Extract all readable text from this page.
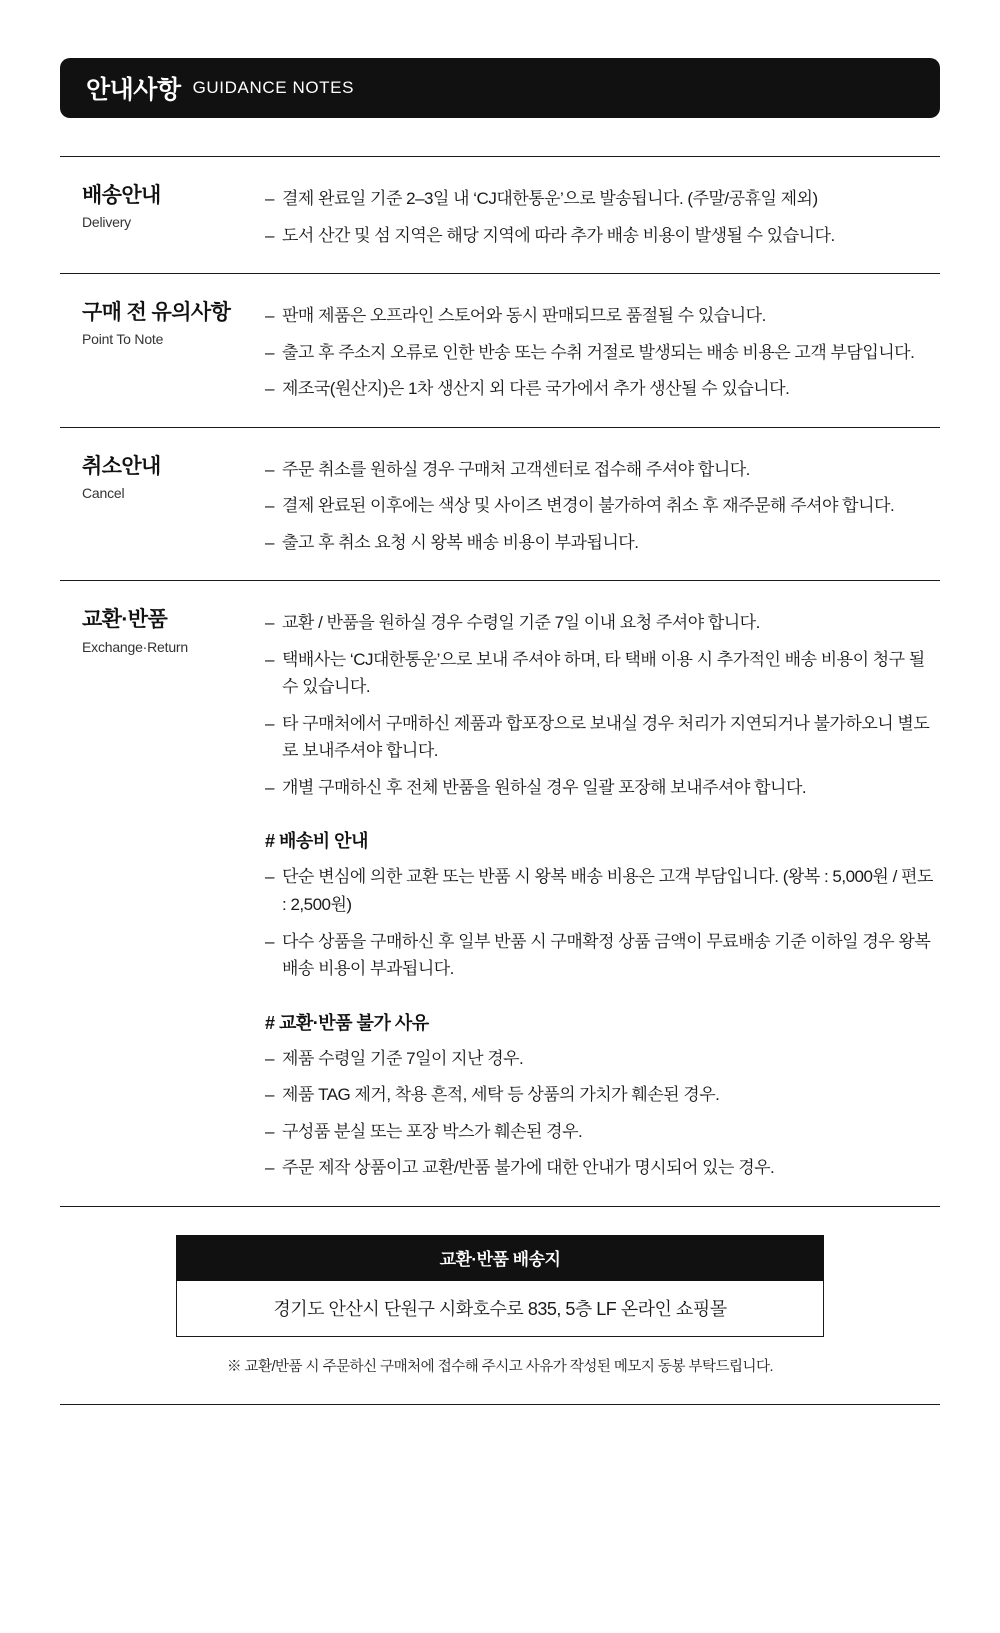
안내사항 GUIDANCE NOTES
배송안내
Delivery
– 결제 완료일 기준 2–3일 내 ‘CJ대한통운’으로 발송됩니다. (주말/공휴일 제외)
– 도서 산간 및 섬 지역은 해당 지역에 따라 추가 배송 비용이 발생될 수 있습니다.
구매 전 유의사항
Point To Note
– 판매 제품은 오프라인 스토어와 동시 판매되므로 품절될 수 있습니다.
– 출고 후 주소지 오류로 인한 반송 또는 수취 거절로 발생되는 배송 비용은 고객 부담입니다.
– 제조국(원산지)은 1차 생산지 외 다른 국가에서 추가 생산될 수 있습니다.
취소안내
Cancel
– 주문 취소를 원하실 경우 구매처 고객센터로 접수해 주셔야 합니다.
– 결제 완료된 이후에는 색상 및 사이즈 변경이 불가하여 취소 후 재주문해 주셔야 합니다.
– 출고 후 취소 요청 시 왕복 배송 비용이 부과됩니다.
교환·반품
Exchange·Return
– 교환 / 반품을 원하실 경우 수령일 기준 7일 이내 요청 주셔야 합니다.
– 택배사는 ‘CJ대한통운’으로 보내 주셔야 하며, 타 택배 이용 시 추가적인 배송 비용이 청구 될 수 있습니다.
– 타 구매처에서 구매하신 제품과 합포장으로 보내실 경우 처리가 지연되거나 불가하오니 별도로 보내주셔야 합니다.
– 개별 구매하신 후 전체 반품을 원하실 경우 일괄 포장해 보내주셔야 합니다.
# 배송비 안내
– 단순 변심에 의한 교환 또는 반품 시 왕복 배송 비용은 고객 부담입니다. (왕복 : 5,000원 / 편도 : 2,500원)
– 다수 상품을 구매하신 후 일부 반품 시 구매확정 상품 금액이 무료배송 기준 이하일 경우 왕복 배송 비용이 부과됩니다.
# 교환·반품 불가 사유
– 제품 수령일 기준 7일이 지난 경우.
– 제품 TAG 제거, 착용 흔적, 세탁 등 상품의 가치가 훼손된 경우.
– 구성품 분실 또는 포장 박스가 훼손된 경우.
– 주문 제작 상품이고 교환/반품 불가에 대한 안내가 명시되어 있는 경우.
교환·반품 배송지
경기도 안산시 단원구 시화호수로 835, 5층 LF 온라인 쇼핑몰
※ 교환/반품 시 주문하신 구매처에 접수해 주시고 사유가 작성된 메모지 동봉 부탁드립니다.
